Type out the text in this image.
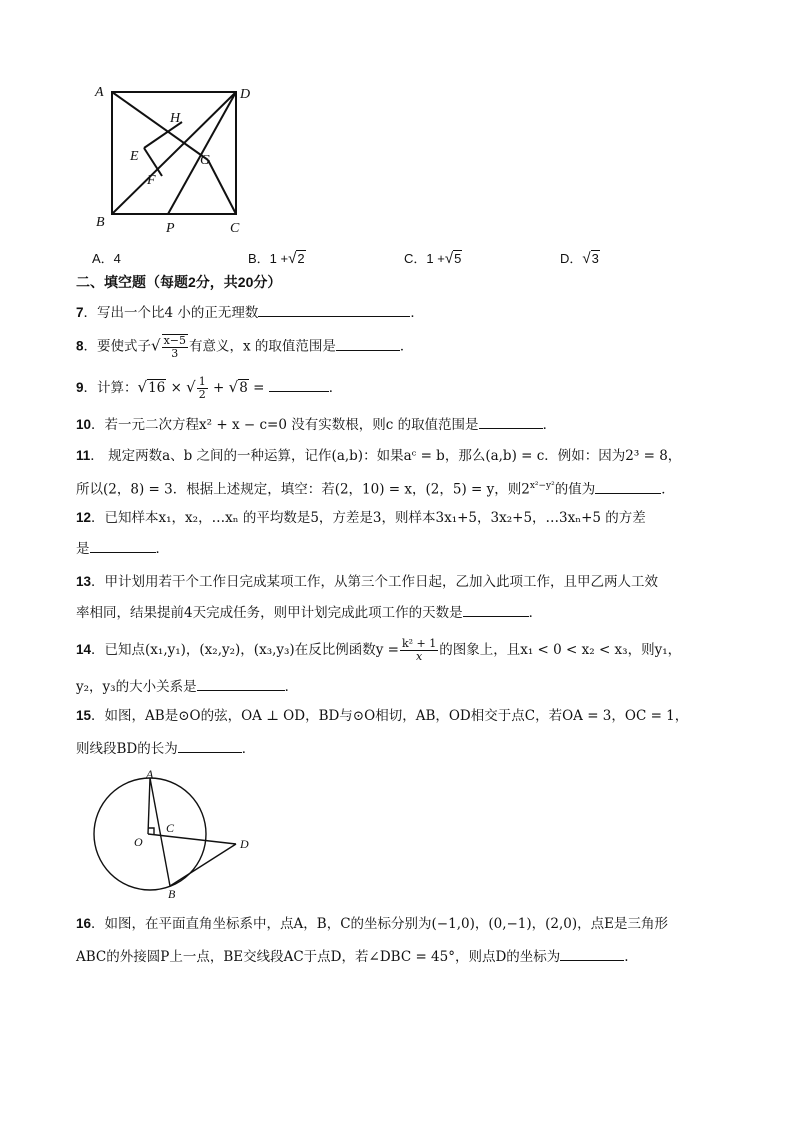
A	D
B	C
H
E	G
F
P
A．4	B．1 +√2	C．1 +√5	D．√3
二、填空题（每题2分，共20分）
7．写出一个比4 小的正无理数	．
8．要使式子√ $\frac{x-5}{3}$ 有意义，x 的取值范围是	．
9．计算：√16 × √ $\frac{1}{2} + √8$ =	．
10．若一元二次方程x² + x − c=0 没有实数根，则c 的取值范围是	．
11． 规定两数a、b 之间的一种运算，记作(a,b)：如果aᶜ = b，那么(a,b) = c．例如：因为2³ = 8，
所以(2，8) = 3．根据上述规定，填空：若(2，10) = x，(2，5) = y，则$2^{x^2-y^2}$的值为	．
12．已知样本x₁，x₂，…xₙ 的平均数是5，方差是3，则样本3x₁+5，3x₂+5，…3xₙ+5 的方差
是	．
13．甲计划用若干个工作日完成某项工作，从第三个工作日起，乙加入此项工作，且甲乙两人工效
率相同，结果提前4天完成任务，则甲计划完成此项工作的天数是	．
14．已知点(x₁,y₁)，(x₂,y₂)，(x₃,y₃)在反比例函数$y = \frac{\text{k² + 1}}{x}$ 的图象上，且x₁ < 0 < x₂ < x₃，则y₁，
y₂，y₃的大小关系是	．
15．如图，AB是⊙O的弦，OA ⊥ OD，BD与⊙O相切，AB，OD相交于点C，若OA = 3，OC = 1，
则线段BD的长为	．
A
O
C
D
B
16．如图，在平面直角坐标系中，点A，B，C的坐标分别为(−1,0)，(0,−1)，(2,0)，点E是三角形
ABC的外接圆P上一点，BE交线段AC于点D，若∠DBC = 45°，则点D的坐标为	.
